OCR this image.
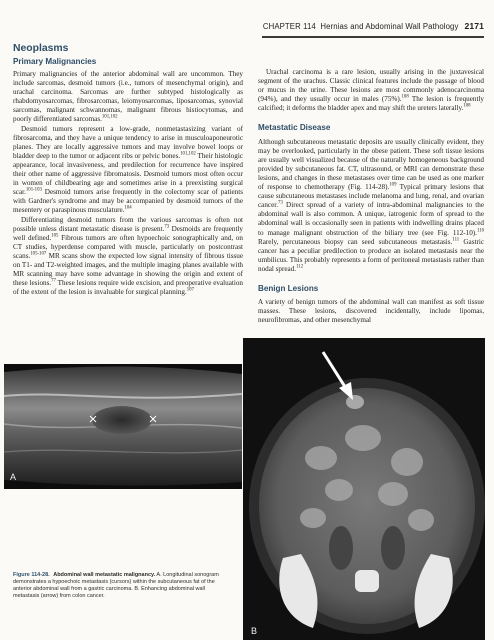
CHAPTER 114 Hernias and Abdominal Wall Pathology 2171
Neoplasms
Primary Malignancies

Primary malignancies of the anterior abdominal wall are uncommon. They include sarcomas, desmoid tumors (i.e., tumors of mesenchymal origin), and urachal carcinoma. Sarcomas are further subtyped histologically as rhabdomyosarcomas, fibrosarcomas, leiomyosarcomas, liposarcomas, synovial sarcomas, malignant schwannomas, malignant fibrous histiocytomas, and poorly differentiated sarcomas.$^{101,102}$

Desmoid tumors represent a low-grade, nonmetastasizing variant of fibrosarcoma, and they have a unique tendency to arise in musculoaponeurotic planes. They are locally aggressive tumors and may involve bowel loops or bladder deep to the tumor or adjacent ribs or pelvic bones.$^{101,102}$ Their histologic appearance, local invasiveness, and predilection for recurrence have inspired their other name of aggressive fibromatosis. Desmoid tumors most often occur in women of childbearing age and sometimes arise in a preexisting surgical scar.$^{101-103}$ Desmoid tumors arise frequently in the colectomy scar of patients with Gardner's syndrome and may be accompanied by desmoid tumors of the mesentery or paraspinous musculature.$^{104}$

Differentiating desmoid tumors from the various sarcomas is often not possible unless distant metastatic disease is present.$^{73}$ Desmoids are frequently well defined.$^{105}$ Fibrous tumors are often hypoechoic sonographically and, on CT studies, hyperdense compared with muscle, particularly on postcontrast scans.$^{105-107}$ MR scans show the expected low signal intensity of fibrous tissue on T1- and T2-weighted images, and the multiple imaging planes available with MR scanning may have some advantage in showing the origin and extent of these lesions.$^{77}$ These lesions require wide excision, and preoperative evaluation of the extent of the lesion is invaluable for surgical planning.$^{107}$

Urachal carcinoma is a rare lesion, usually arising in the juxtavesical segment of the urachus. Classic clinical features include the passage of blood or mucus in the urine. These lesions are most commonly adenocarcinoma (94%), and they usually occur in males (75%).$^{108}$ The lesion is frequently calcified; it deforms the bladder apex and may shift the ureters laterally.$^{108}$

Metastatic Disease

Although subcutaneous metastatic deposits are usually clinically evident, they may be overlooked, particularly in the obese patient. These soft tissue lesions are usually well visualized because of the naturally homogeneous background provided by subcutaneous fat. CT, ultrasound, or MRI can demonstrate these lesions, and changes in these metastases over time can be used as one marker of response to chemotherapy (Fig. 114-28).$^{109}$ Typical primary lesions that cause subcutaneous metastases include melanoma and lung, renal, and ovarian cancer.$^{73}$ Direct spread of a variety of intra-abdominal malignancies to the abdominal wall is also common. A unique, iatrogenic form of spread to the abdominal wall is occasionally seen in patients with indwelling drains placed to manage malignant obstruction of the biliary tree (see Fig. 112-10).$^{110}$ Rarely, percutaneous biopsy can seed subcutaneous metastasis.$^{111}$ Gastric cancer has a peculiar predilection to produce an isolated metastasis near the umbilicus. This probably represents a form of peritoneal metastasis rather than nodal spread.$^{112}$

Benign Lesions

A variety of benign tumors of the abdominal wall can manifest as soft tissue masses. These lesions, discovered incidentally, include lipomas, neurofibromas, and other mesenchymal

A
B
Figure 114-28. Abdominal wall metastatic malignancy. A. Longitudinal sonogram demonstrates a hypoechoic metastasis (cursors) within the subcutaneous fat of the anterior abdominal wall from a gastric carcinoma. B. Enhancing abdominal wall metastasis (arrow) from colon cancer.
